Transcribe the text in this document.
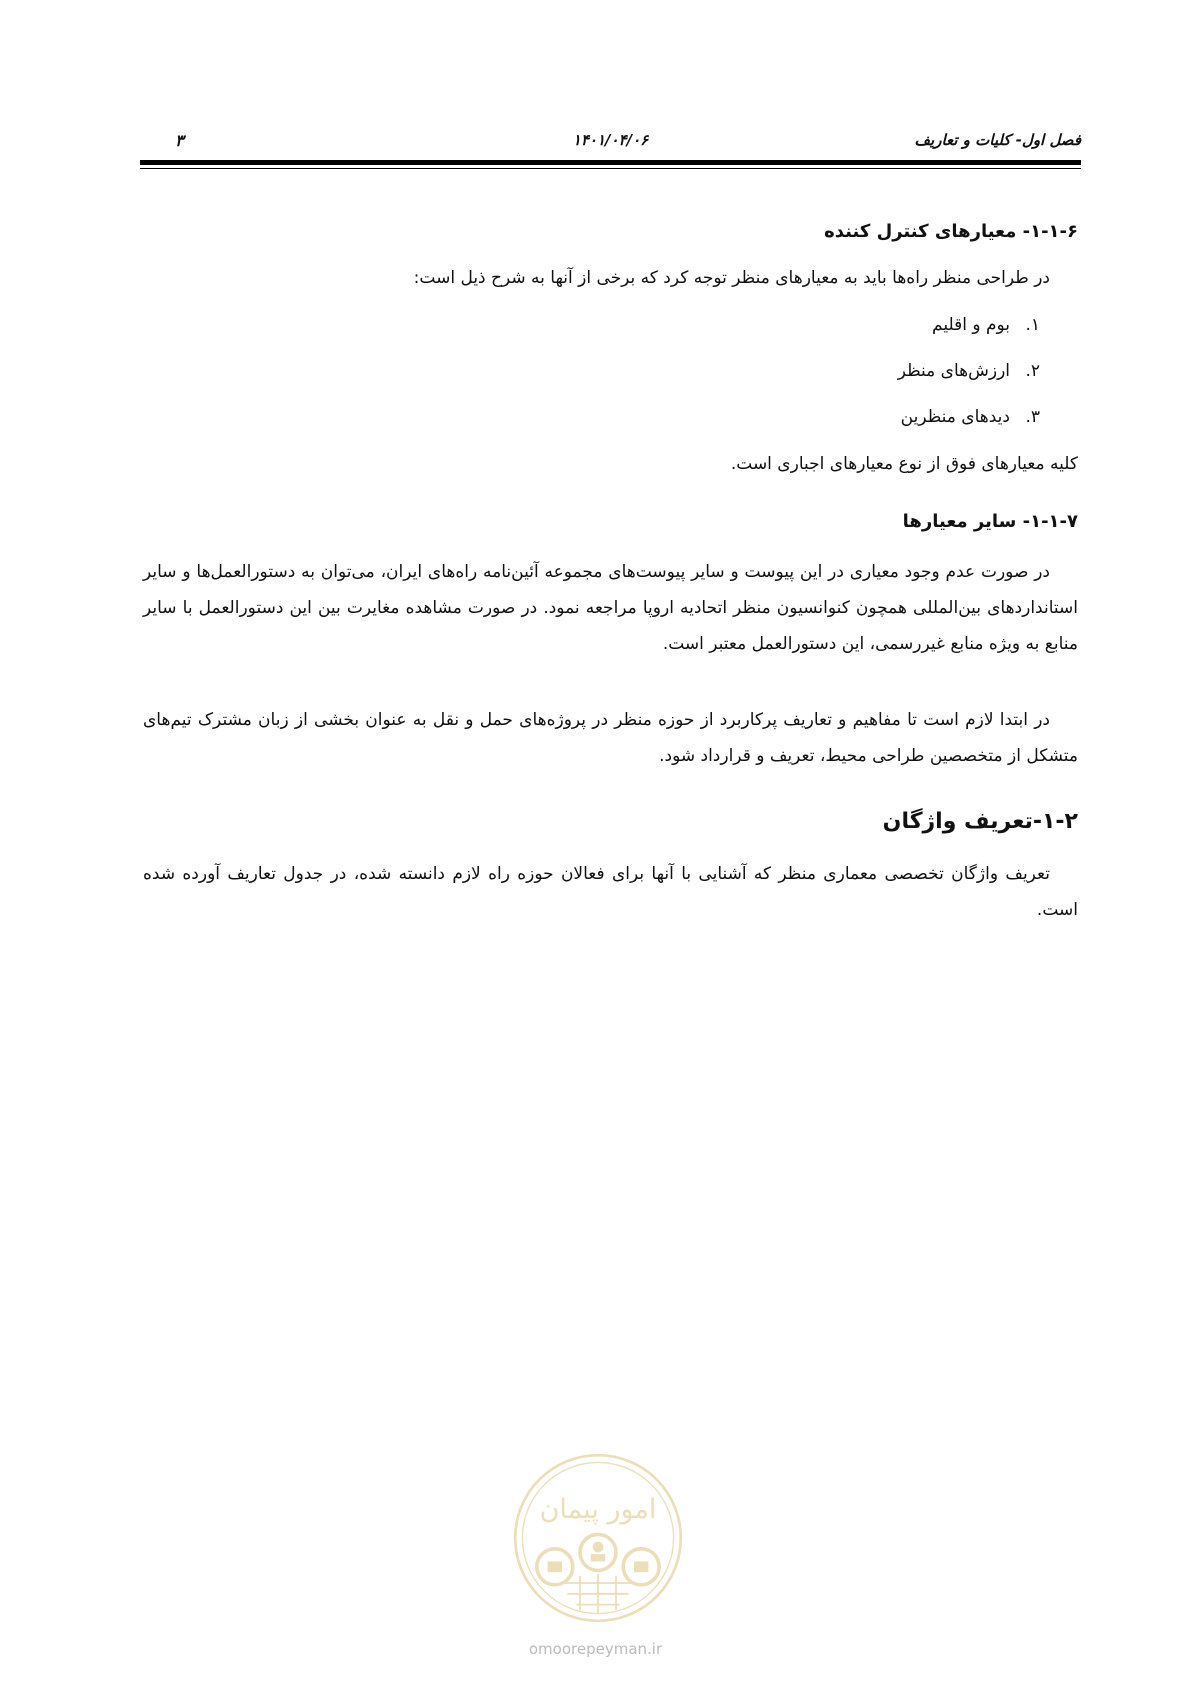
فصل اول- کلیات و تعاریف
۱۴۰۱/۰۴/۰۶
۳
۱-۱-۶- معیارهای کنترل کننده

در طراحی منظر راه‌ها باید به معیارهای منظر توجه کرد که برخی از آنها به شرح ذیل است:

۱.بوم و اقلیم
۲.ارزش‌های منظر
۳.دیدهای منظرین

کلیه معیارهای فوق از نوع معیارهای اجباری است.

۱-۱-۷- سایر معیارها

در صورت عدم وجود معیاری در این پیوست و سایر پیوست‌های مجموعه آئین‌نامه راه‌های ایران، می‌توان به دستورالعمل‌ها و سایر استانداردهای بین‌المللی همچون کنوانسیون منظر اتحادیه اروپا مراجعه نمود. در صورت مشاهده مغایرت بین این دستورالعمل با سایر منابع به ویژه منابع غیررسمی، این دستورالعمل معتبر است.

در ابتدا لازم است تا مفاهیم و تعاریف پرکاربرد از حوزه منظر در پروژه‌های حمل و نقل به عنوان بخشی از زبان مشترک تیم‌های متشکل از متخصصین طراحی محیط، تعریف و قرارداد شود.

۱-۲-تعریف واژگان

تعریف واژگان تخصصی معماری منظر که آشنایی با آنها برای فعالان حوزه راه لازم دانسته شده، در جدول تعاریف آورده شده است.

امور پیمان
omoorepeyman.ir
